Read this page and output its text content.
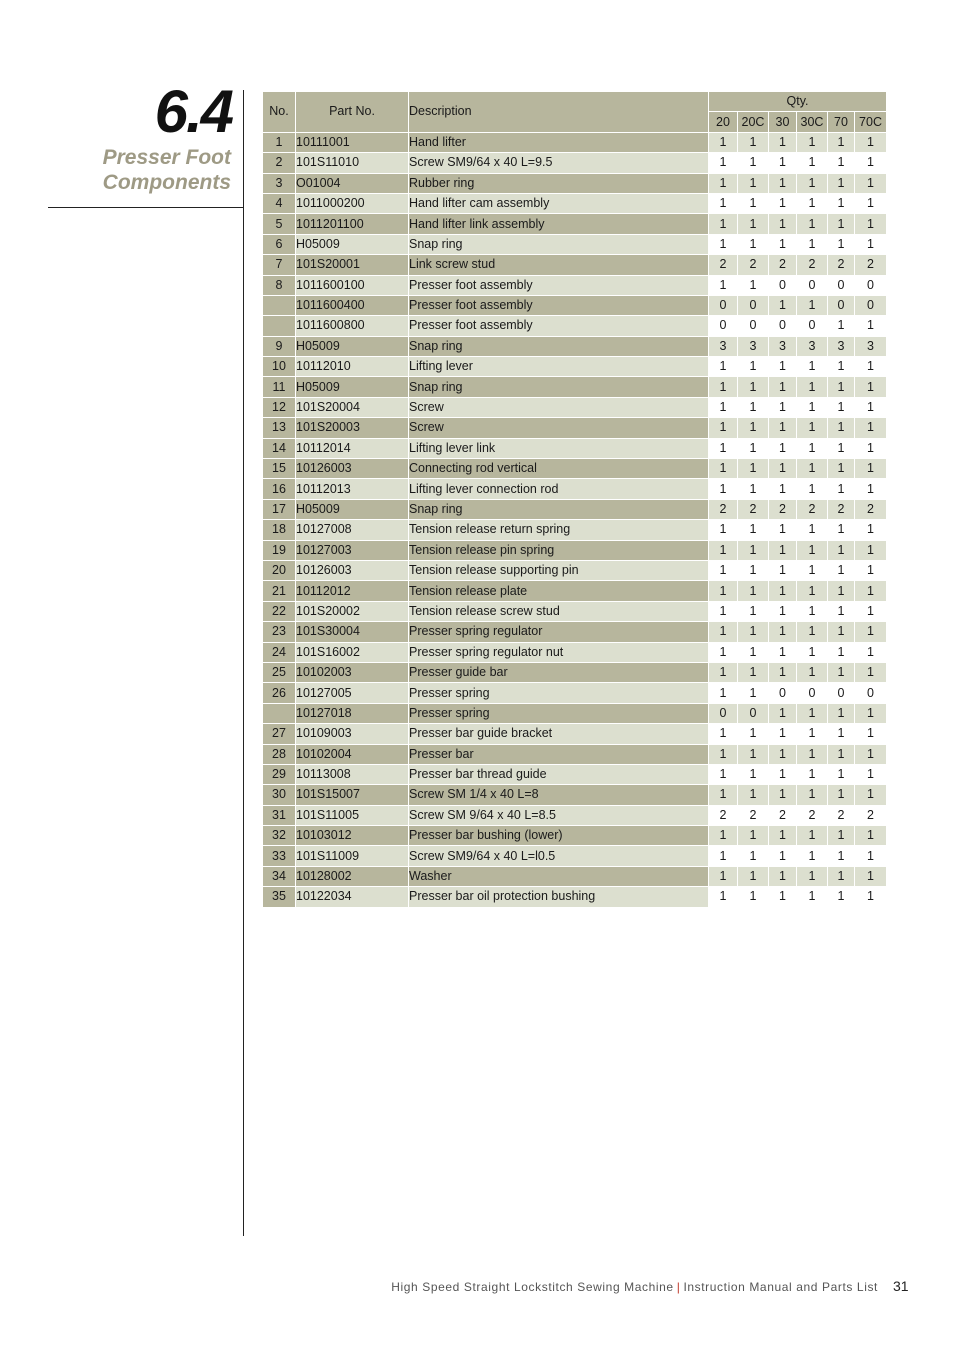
6.4
Presser Foot
Components
No.	Part No.	Description	Qty.					
			20	20C	30	30C	70	70C
1	10111001	Hand lifter	1	1	1	1	1	1
2	101S11010	Screw SM9/64 x 40 L=9.5	1	1	1	1	1	1
3	O01004	Rubber ring	1	1	1	1	1	1
4	1011000200	Hand lifter cam assembly	1	1	1	1	1	1
5	1011201100	Hand lifter link assembly	1	1	1	1	1	1
6	H05009	Snap ring	1	1	1	1	1	1
7	101S20001	Link screw stud	2	2	2	2	2	2
8	1011600100	Presser foot assembly	1	1	0	0	0	0
	1011600400	Presser foot assembly	0	0	1	1	0	0
	1011600800	Presser foot assembly	0	0	0	0	1	1
9	H05009	Snap ring	3	3	3	3	3	3
10	10112010	Lifting lever	1	1	1	1	1	1
11	H05009	Snap ring	1	1	1	1	1	1
12	101S20004	Screw	1	1	1	1	1	1
13	101S20003	Screw	1	1	1	1	1	1
14	10112014	Lifting lever link	1	1	1	1	1	1
15	10126003	Connecting rod vertical	1	1	1	1	1	1
16	10112013	Lifting lever connection rod	1	1	1	1	1	1
17	H05009	Snap ring	2	2	2	2	2	2
18	10127008	Tension release return spring	1	1	1	1	1	1
19	10127003	Tension release pin spring	1	1	1	1	1	1
20	10126003	Tension release supporting pin	1	1	1	1	1	1
21	10112012	Tension release plate	1	1	1	1	1	1
22	101S20002	Tension release screw stud	1	1	1	1	1	1
23	101S30004	Presser spring regulator	1	1	1	1	1	1
24	101S16002	Presser spring regulator nut	1	1	1	1	1	1
25	10102003	Presser guide bar	1	1	1	1	1	1
26	10127005	Presser spring	1	1	0	0	0	0
	10127018	Presser spring	0	0	1	1	1	1
27	10109003	Presser bar guide bracket	1	1	1	1	1	1
28	10102004	Presser bar	1	1	1	1	1	1
29	10113008	Presser bar thread guide	1	1	1	1	1	1
30	101S15007	Screw SM 1/4 x 40 L=8	1	1	1	1	1	1
31	101S11005	Screw SM 9/64 x 40 L=8.5	2	2	2	2	2	2
32	10103012	Presser bar bushing (lower)	1	1	1	1	1	1
33	101S11009	Screw SM9/64 x 40 L=l0.5	1	1	1	1	1	1
34	10128002	Washer	1	1	1	1	1	1
35	10122034	Presser bar oil protection bushing	1	1	1	1	1	1
High Speed Straight Lockstitch Sewing Machine | Instruction Manual and Parts List 31
